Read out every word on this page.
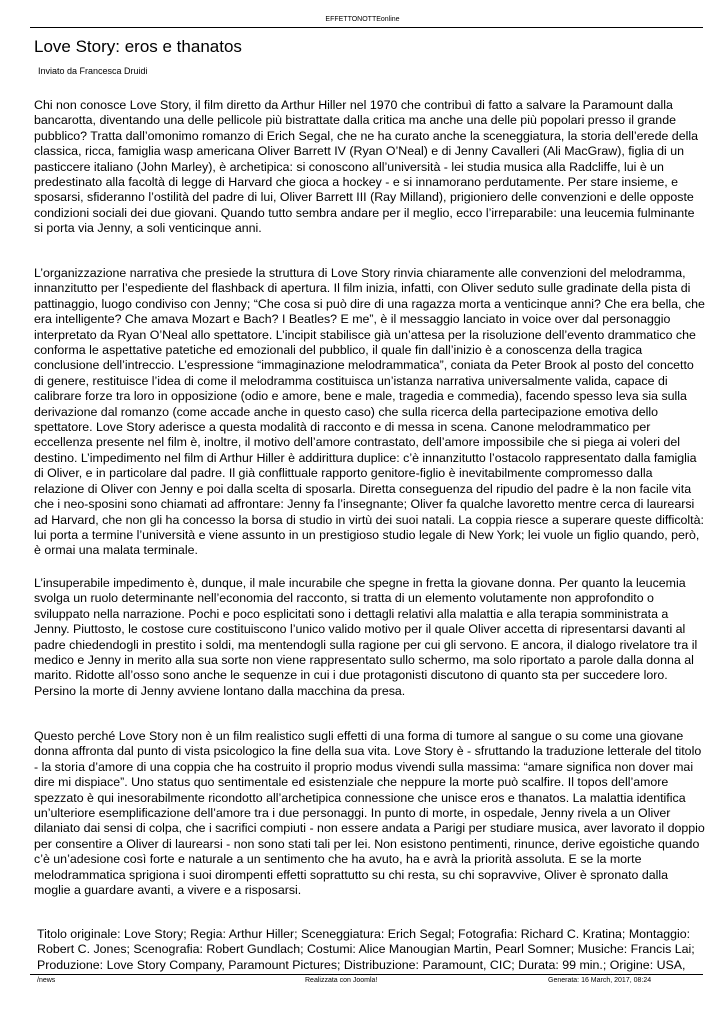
EFFETTONOTTEonline
Love Story: eros e thanatos
Inviato da Francesca Druidi

Chi non conosce Love Story, il film diretto da Arthur Hiller nel 1970 che contribuì di fatto a salvare la Paramount dalla bancarotta, diventando una delle pellicole più bistrattate dalla critica ma anche una delle più popolari presso il grande pubblico? Tratta dall’omonimo romanzo di Erich Segal, che ne ha curato anche la sceneggiatura, la storia dell’erede della classica, ricca, famiglia wasp americana Oliver Barrett IV (Ryan O’Neal) e di Jenny Cavalleri (Ali MacGraw), figlia di un pasticcere italiano (John Marley), è archetipica: si conoscono all’università - lei studia musica alla Radcliffe, lui è un predestinato alla facoltà di legge di Harvard che gioca a hockey - e si innamorano perdutamente. Per stare insieme, e sposarsi, sfideranno l’ostilità del padre di lui, Oliver Barrett III (Ray Milland), prigioniero delle convenzioni e delle opposte condizioni sociali dei due giovani. Quando tutto sembra andare per il meglio, ecco l’irreparabile: una leucemia fulminante si porta via Jenny, a soli venticinque anni.

L’organizzazione narrativa che presiede la struttura di Love Story rinvia chiaramente alle convenzioni del melodramma, innanzitutto per l’espediente del flashback di apertura. Il film inizia, infatti, con Oliver seduto sulle gradinate della pista di pattinaggio, luogo condiviso con Jenny; “Che cosa si può dire di una ragazza morta a venticinque anni? Che era bella, che era intelligente? Che amava Mozart e Bach? I Beatles? E me”, è il messaggio lanciato in voice over dal personaggio interpretato da Ryan O’Neal allo spettatore. L’incipit stabilisce già un’attesa per la risoluzione dell’evento drammatico che conforma le aspettative patetiche ed emozionali del pubblico, il quale fin dall’inizio è a conoscenza della tragica conclusione dell’intreccio. L’espressione “immaginazione melodrammatica”, coniata da Peter Brook al posto del concetto di genere, restituisce l’idea di come il melodramma costituisca un’istanza narrativa universalmente valida, capace di calibrare forze tra loro in opposizione (odio e amore, bene e male, tragedia e commedia), facendo spesso leva sia sulla derivazione dal romanzo (come accade anche in questo caso) che sulla ricerca della partecipazione emotiva dello spettatore. Love Story aderisce a questa modalità di racconto e di messa in scena. Canone melodrammatico per eccellenza presente nel film è, inoltre, il motivo dell’amore contrastato, dell’amore impossibile che si piega ai voleri del destino. L’impedimento nel film di Arthur Hiller è addirittura duplice: c’è innanzitutto l’ostacolo rappresentato dalla famiglia di Oliver, e in particolare dal padre. Il già conflittuale rapporto genitore-figlio è inevitabilmente compromesso dalla relazione di Oliver con Jenny e poi dalla scelta di sposarla. Diretta conseguenza del ripudio del padre è la non facile vita che i neo-sposini sono chiamati ad affrontare: Jenny fa l’insegnante; Oliver fa qualche lavoretto mentre cerca di laurearsi ad Harvard, che non gli ha concesso la borsa di studio in virtù dei suoi natali. La coppia riesce a superare queste difficoltà: lui porta a termine l’università e viene assunto in un prestigioso studio legale di New York; lei vuole un figlio quando, però, è ormai una malata terminale.

L’insuperabile impedimento è, dunque, il male incurabile che spegne in fretta la giovane donna. Per quanto la leucemia svolga un ruolo determinante nell’economia del racconto, si tratta di un elemento volutamente non approfondito o sviluppato nella narrazione. Pochi e poco esplicitati sono i dettagli relativi alla malattia e alla terapia somministrata a Jenny. Piuttosto, le costose cure costituiscono l’unico valido motivo per il quale Oliver accetta di ripresentarsi davanti al padre chiedendogli in prestito i soldi, ma mentendogli sulla ragione per cui gli servono. E ancora, il dialogo rivelatore tra il medico e Jenny in merito alla sua sorte non viene rappresentato sullo schermo, ma solo riportato a parole dalla donna al marito. Ridotte all’osso sono anche le sequenze in cui i due protagonisti discutono di quanto sta per succedere loro. Persino la morte di Jenny avviene lontano dalla macchina da presa.

Questo perché Love Story non è un film realistico sugli effetti di una forma di tumore al sangue o su come una giovane donna affronta dal punto di vista psicologico la fine della sua vita. Love Story è - sfruttando la traduzione letterale del titolo - la storia d’amore di una coppia che ha costruito il proprio modus vivendi sulla massima: “amare significa non dover mai dire mi dispiace”. Uno status quo sentimentale ed esistenziale che neppure la morte può scalfire. Il topos dell’amore spezzato è qui inesorabilmente ricondotto all’archetipica connessione che unisce eros e thanatos. La malattia identifica un’ulteriore esemplificazione dell’amore tra i due personaggi. In punto di morte, in ospedale, Jenny rivela a un Oliver dilaniato dai sensi di colpa, che i sacrifici compiuti - non essere andata a Parigi per studiare musica, aver lavorato il doppio per consentire a Oliver di laurearsi - non sono stati tali per lei. Non esistono pentimenti, rinunce, derive egoistiche quando c’è un’adesione così forte e naturale a un sentimento che ha avuto, ha e avrà la priorità assoluta. E se la morte melodrammatica sprigiona i suoi dirompenti effetti soprattutto su chi resta, su chi sopravvive, Oliver è spronato dalla moglie a guardare avanti, a vivere e a risposarsi.

Titolo originale: Love Story; Regia: Arthur Hiller; Sceneggiatura: Erich Segal; Fotografia: Richard C. Kratina; Montaggio: Robert C. Jones; Scenografia: Robert Gundlach; Costumi: Alice Manougian Martin, Pearl Somner; Musiche: Francis Lai; Produzione: Love Story Company, Paramount Pictures; Distribuzione: Paramount, CIC; Durata: 99 min.; Origine: USA,

/news	Realizzata con Joomla!	Generata: 16 March, 2017, 08:24
